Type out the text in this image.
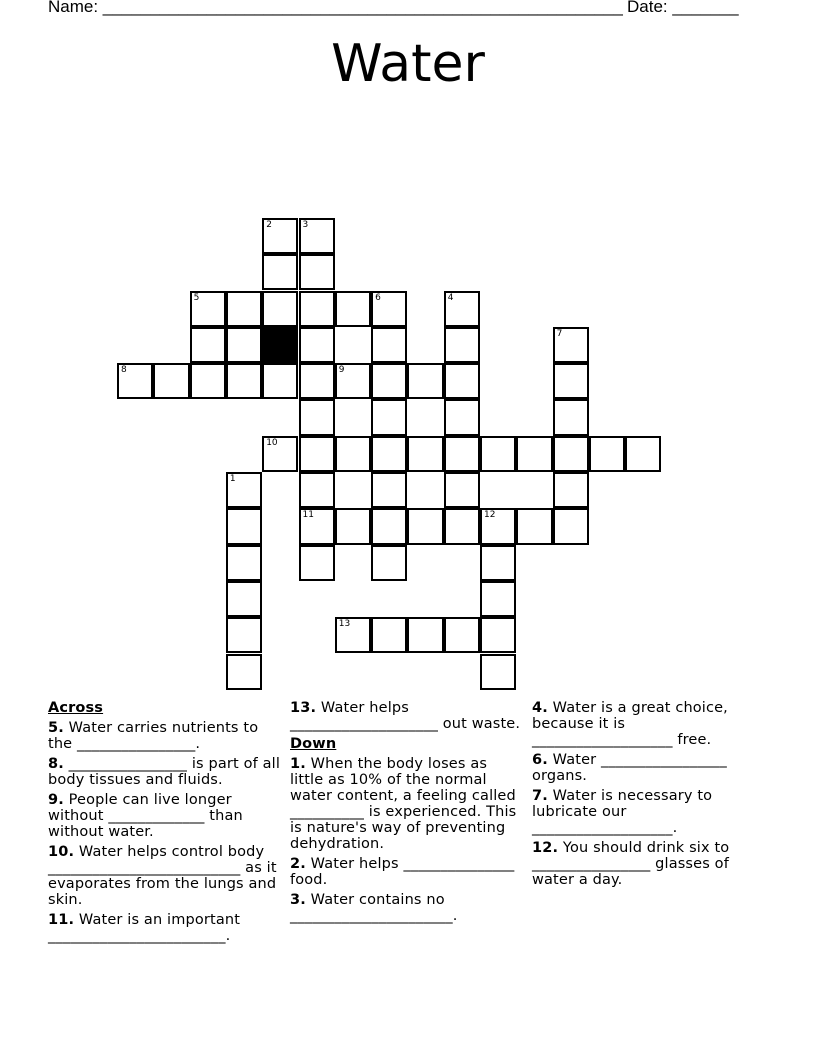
Name: _______________________________________________________ Date: _______
Water
1
2	3
11
4
5	6
7
8	9
10
12
13
Across
5. Water carries nutrients to the ________________.
8. ________________ is part of all body tissues and fluids.
9. People can live longer without _____________ than without water.
10. Water helps control body __________________________ as it evaporates from the lungs and skin.
11. Water is an important ________________________.
13. Water helps ____________________ out waste.
Down
1. When the body loses as little as 10% of the normal water content, a feeling called __________ is experienced. This is nature's way of preventing dehydration.
2. Water helps _______________ food.
3. Water contains no ______________________.
4. Water is a great choice, because it is ___________________ free.
6. Water _________________ organs.
7. Water is necessary to lubricate our ___________________.
12. You should drink six to ________________ glasses of water a day.
